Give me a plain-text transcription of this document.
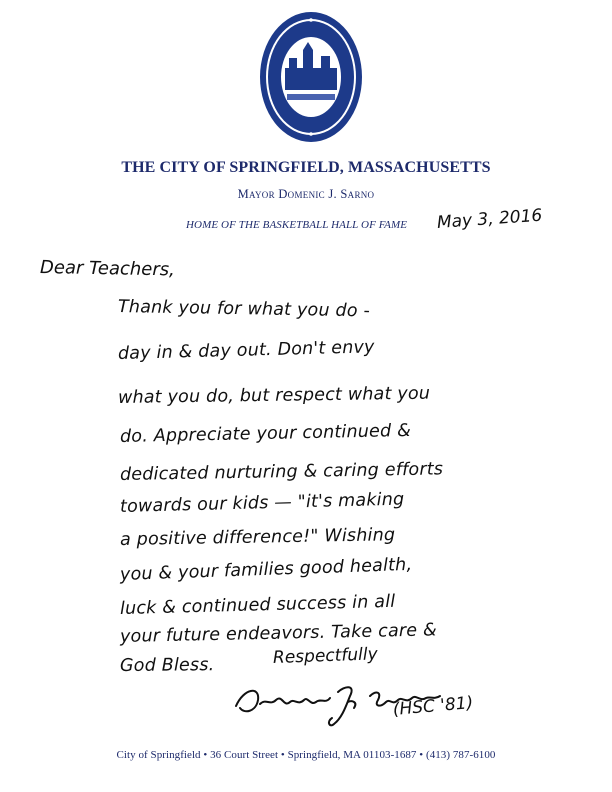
THE CITY OF SPRINGFIELD, MASSACHUSETTS
Mayor Domenic J. Sarno
HOME OF THE BASKETBALL HALL OF FAME May 3, 2016
Dear Teachers,
Thank you for what you do -
day in & day out. Don't envy
what you do, but respect what you
do. Appreciate your continued &
dedicated nurturing & caring efforts
towards our kids — "it's making
a positive difference!" Wishing
you & your families good health,
luck & continued success in all
your future endeavors. Take care &
God Bless.	Respectfully
(HSC '81)
City of Springfield • 36 Court Street • Springfield, MA 01103-1687 • (413) 787-6100
